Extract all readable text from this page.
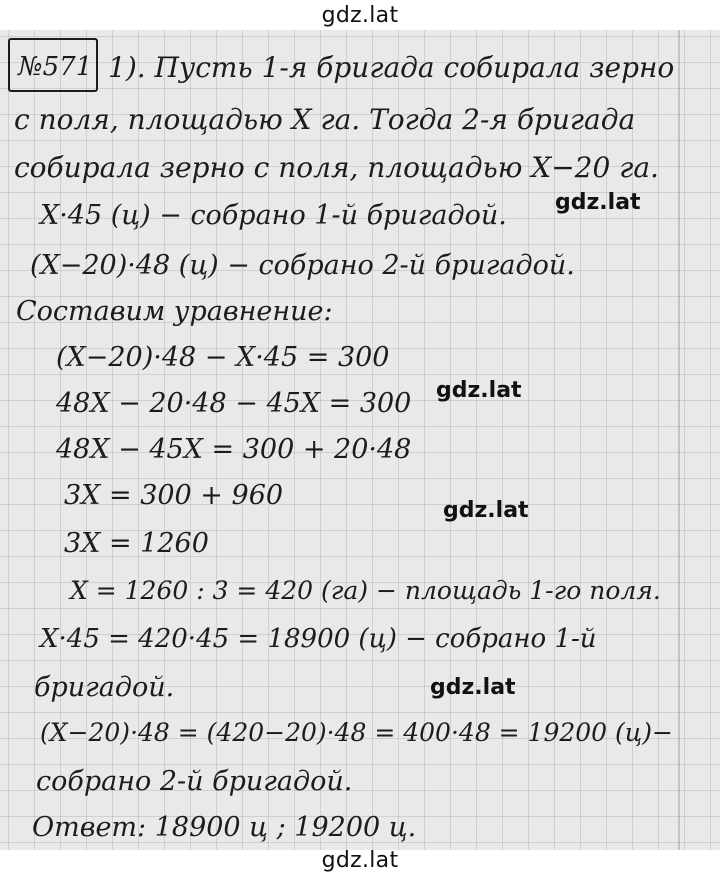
gdz.lat
№571 1). Пусть 1-я бригада собирала зерно
с поля, площадью Х га. Тогда 2-я бригада
собирала зерно с поля, площадью Х−20 га.
Х·45 (ц) − собрано 1-й бригадой.
(Х−20)·48 (ц) − собрано 2-й бригадой.
Составим уравнение:
(Х−20)·48 − Х·45 = 300
48Х − 20·48 − 45Х = 300
48Х − 45Х = 300 + 20·48
3Х = 300 + 960
3Х = 1260
Х = 1260 : 3 = 420 (га) − площадь 1-го поля.
Х·45 = 420·45 = 18900 (ц) − собрано 1-й
бригадой.
(Х−20)·48 = (420−20)·48 = 400·48 = 19200 (ц)−
собрано 2-й бригадой.
Ответ: 18900 ц ; 19200 ц.
gdz.lat
gdz.lat
gdz.lat
gdz.lat
gdz.lat
